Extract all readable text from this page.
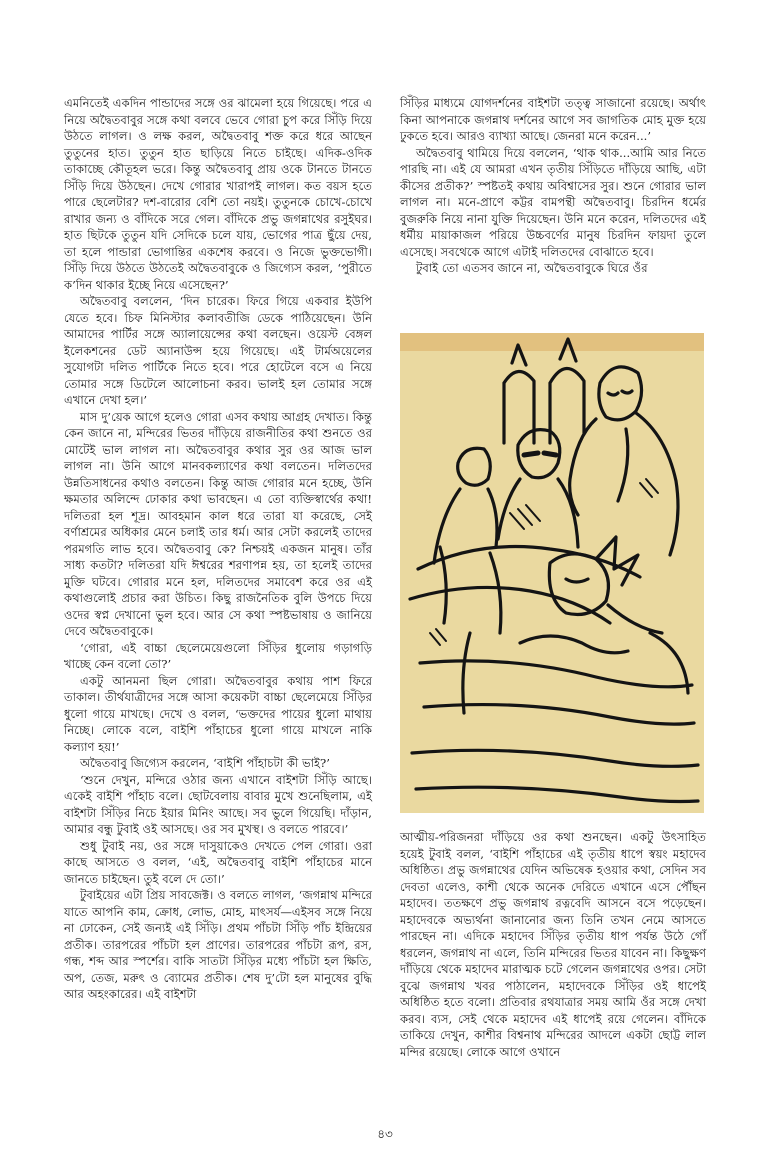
এমনিতেই একদিন পান্ডাদের সঙ্গে ওর ঝামেলা হয়ে গিয়েছে। পরে এ নিয়ে অদ্বৈতবাবুর সঙ্গে কথা বলবে ভেবে গোরা চুপ করে সিঁড়ি দিয়ে উঠতে লাগল। ও লক্ষ করল, অদ্বৈতবাবু শক্ত করে ধরে আছেন তুতুনের হাত। তুতুন হাত ছাড়িয়ে নিতে চাইছে। এদিক-ওদিক তাকাচ্ছে কৌতূহল ভরে। কিন্তু অদ্বৈতবাবু প্রায় ওকে টানতে টানতে সিঁড়ি দিয়ে উঠছেন। দেখে গোরার খারাপই লাগল। কত বয়স হতে পারে ছেলেটার? দশ-বারোর বেশি তো নয়ই। তুতুনকে চোখে-চোখে রাখার জন্য ও বাঁদিকে সরে গেল। বাঁদিকে প্রভু জগন্নাথের রসুইঘর। হাত ছিটকে তুতুন যদি সেদিকে চলে যায়, ভোগের পাত্র ছুঁয়ে দেয়, তা হলে পান্ডারা ভোগান্তির একশেষ করবে। ও নিজে ভুক্তভোগী। সিঁড়ি দিয়ে উঠতে উঠতেই অদ্বৈতবাবুকে ও জিগ্যেস করল, ‘পুরীতে ক’দিন থাকার ইচ্ছে নিয়ে এসেছেন?’

অদ্বৈতবাবু বললেন, ‘দিন চারেক। ফিরে গিয়ে একবার ইউপি যেতে হবে। চিফ মিনিস্টার কলাবতীজি ডেকে পাঠিয়েছেন। উনি আমাদের পার্টির সঙ্গে অ্যালায়েন্সের কথা বলছেন। ওয়েস্ট বেঙ্গল ইলেকশনের ডেট অ্যানাউন্স হয়ে গিয়েছে। এই টার্মঅয়েলের সুযোগটা দলিত পার্টিকে নিতে হবে। পরে হোটেলে বসে এ নিয়ে তোমার সঙ্গে ডিটেলে আলোচনা করব। ভালই হল তোমার সঙ্গে এখানে দেখা হল।’

মাস দু’য়েক আগে হলেও গোরা এসব কথায় আগ্রহ দেখাত। কিন্তু কেন জানে না, মন্দিরের ভিতর দাঁড়িয়ে রাজনীতির কথা শুনতে ওর মোটেই ভাল লাগল না। অদ্বৈতবাবুর কথার সুর ওর আজ ভাল লাগল না। উনি আগে মানবকল্যাণের কথা বলতেন। দলিতদের উন্নতিসাধনের কথাও বলতেন। কিন্তু আজ গোরার মনে হচ্ছে, উনি ক্ষমতার অলিন্দে ঢোকার কথা ভাবছেন। এ তো ব্যক্তিস্বার্থের কথা! দলিতরা হল শূদ্র। আবহমান কাল ধরে তারা যা করেছে, সেই বর্ণাশ্রমের অধিকার মেনে চলাই তার ধর্ম। আর সেটা করলেই তাদের পরমগতি লাভ হবে। অদ্বৈতবাবু কে? নিশ্চয়ই একজন মানুষ। তাঁর সাধ্য কতটা? দলিতরা যদি ঈশ্বরের শরণাপন্ন হয়, তা হলেই তাদের মুক্তি ঘটবে। গোরার মনে হল, দলিতদের সমাবেশ করে ওর এই কথাগুলোই প্রচার করা উচিত। কিছু রাজনৈতিক বুলি উপচে দিয়ে ওদের স্বপ্ন দেখানো ভুল হবে। আর সে কথা স্পষ্টভাষায় ও জানিয়ে দেবে অদ্বৈতবাবুকে।

‘গোরা, এই বাচ্চা ছেলেমেয়েগুলো সিঁড়ির ধুলোয় গড়াগড়ি খাচ্ছে কেন বলো তো?’

একটু আনমনা ছিল গোরা। অদ্বৈতবাবুর কথায় পাশ ফিরে তাকাল। তীর্থযাত্রীদের সঙ্গে আসা কয়েকটা বাচ্চা ছেলেমেয়ে সিঁড়ির ধুলো গায়ে মাখছে। দেখে ও বলল, ‘ভক্তদের পায়ের ধুলো মাথায় নিচ্ছে। লোকে বলে, বাইশি পাঁহাচের ধুলো গায়ে মাখলে নাকি কল্যাণ হয়!’

অদ্বৈতবাবু জিগ্যেস করলেন, ‘বাইশি পাঁহাচটা কী ভাই?’

‘শুনে দেখুন, মন্দিরে ওঠার জন্য এখানে বাইশটা সিঁড়ি আছে। একেই বাইশি পাঁহাচ বলে। ছোটবেলায় বাবার মুখে শুনেছিলাম, এই বাইশটা সিঁড়ির নিচে ইয়ার মিনিং আছে। সব ভুলে গিয়েছি। দাঁড়ান, আমার বন্ধু টুবাই ওই আসছে। ওর সব মুখস্থ। ও বলতে পারবে।’

শুধু টুবাই নয়, ওর সঙ্গে দাসুয়াকেও দেখতে পেল গোরা। ওরা কাছে আসতে ও বলল, ‘এই, অদ্বৈতবাবু বাইশি পাঁহাচের মানে জানতে চাইছেন। তুই বলে দে তো।’

টুবাইয়ের এটা প্রিয় সাবজেক্ট। ও বলতে লাগল, ‘জগন্নাথ মন্দিরে যাতে আপনি কাম, ক্রোধ, লোভ, মোহ, মাৎসর্য—এইসব সঙ্গে নিয়ে না ঢোকেন, সেই জন্যই এই সিঁড়ি। প্রথম পাঁচটা সিঁড়ি পাঁচ ইন্দ্রিয়ের প্রতীক। তারপরের পাঁচটা হল প্রাণের। তারপরের পাঁচটা রূপ, রস, গন্ধ, শব্দ আর স্পর্শের। বাকি সাতটা সিঁড়ির মধ্যে পাঁচটা হল ক্ষিতি, অপ, তেজ, মরুৎ ও ব্যোমের প্রতীক। শেষ দু’টো হল মানুষের বুদ্ধি আর অহংকারের। এই বাইশটা

সিঁড়ির মাধ্যমে যোগদর্শনের বাইশটা তত্ত্ব সাজানো রয়েছে। অর্থাৎ কিনা আপনাকে জগন্নাথ দর্শনের আগে সব জাগতিক মোহ মুক্ত হয়ে ঢুকতে হবে। আরও ব্যাখ্যা আছে। জেনরা মনে করেন...’

অদ্বৈতবাবু থামিয়ে দিয়ে বললেন, ‘থাক থাক...আমি আর নিতে পারছি না। এই যে আমরা এখন তৃতীয় সিঁড়িতে দাঁড়িয়ে আছি, এটা কীসের প্রতীক?’ স্পষ্টতই কথায় অবিশ্বাসের সুর। শুনে গোরার ভাল লাগল না। মনে-প্রাণে কট্টর বামপন্থী অদ্বৈতবাবু। চিরদিন ধর্মের বুজরুকি নিয়ে নানা যুক্তি দিয়েছেন। উনি মনে করেন, দলিতদের এই ধর্মীয় মায়াকাজল পরিয়ে উচ্চবর্ণের মানুষ চিরদিন ফায়দা তুলে এসেছে। সবথেকে আগে এটাই দলিতদের বোঝাতে হবে।

টুবাই তো এতসব জানে না, অদ্বৈতবাবুকে ঘিরে ওঁর

আত্মীয়-পরিজনরা দাঁড়িয়ে ওর কথা শুনছেন। একটু উৎসাহিত হয়েই টুবাই বলল, ‘বাইশি পাঁহাচের এই তৃতীয় ধাপে স্বয়ং মহাদেব অধিষ্ঠিত। প্রভু জগন্নাথের যেদিন অভিষেক হওয়ার কথা, সেদিন সব দেবতা এলেও, কাশী থেকে অনেক দেরিতে এখানে এসে পৌঁছন মহাদেব। ততক্ষণে প্রভু জগন্নাথ রত্নবেদি আসনে বসে পড়েছেন। মহাদেবকে অভ্যর্থনা জানানোর জন্য তিনি তখন নেমে আসতে পারছেন না। এদিকে মহাদেব সিঁড়ির তৃতীয় ধাপ পর্যন্ত উঠে গোঁ ধরলেন, জগন্নাথ না এলে, তিনি মন্দিরের ভিতর যাবেন না। কিছুক্ষণ দাঁড়িয়ে থেকে মহাদেব মারাত্মক চটে গেলেন জগন্নাথের ওপর। সেটা বুঝে জগন্নাথ খবর পাঠালেন, মহাদেবকে সিঁড়ির ওই ধাপেই অধিষ্ঠিত হতে বলো। প্রতিবার রথযাত্রার সময় আমি ওঁর সঙ্গে দেখা করব। ব্যস, সেই থেকে মহাদেব এই ধাপেই রয়ে গেলেন। বাঁদিকে তাকিয়ে দেখুন, কাশীর বিশ্বনাথ মন্দিরের আদলে একটা ছোট্ট লাল মন্দির রয়েছে। লোকে আগে ওখানে

৪৩
